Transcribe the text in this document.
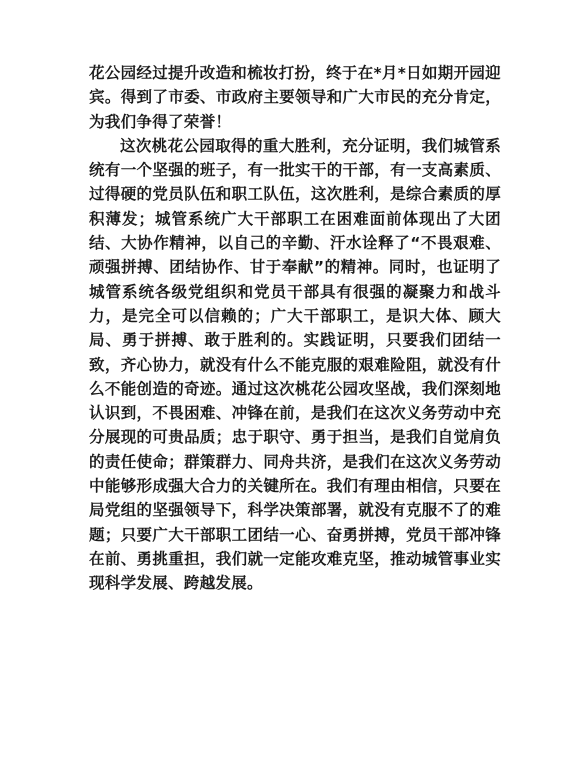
花公园经过提升改造和梳妆打扮，终于在*月*日如期开园迎宾。得到了市委、市政府主要领导和广大市民的充分肯定，为我们争得了荣誉！

这次桃花公园取得的重大胜利，充分证明，我们城管系统有一个坚强的班子，有一批实干的干部，有一支高素质、过得硬的党员队伍和职工队伍，这次胜利，是综合素质的厚积薄发；城管系统广大干部职工在困难面前体现出了大团结、大协作精神，以自己的辛勤、汗水诠释了“不畏艰难、顽强拼搏、团结协作、甘于奉献”的精神。同时，也证明了城管系统各级党组织和党员干部具有很强的凝聚力和战斗力，是完全可以信赖的；广大干部职工，是识大体、顾大局、勇于拼搏、敢于胜利的。实践证明，只要我们团结一致，齐心协力，就没有什么不能克服的艰难险阻，就没有什么不能创造的奇迹。通过这次桃花公园攻坚战，我们深刻地认识到，不畏困难、冲锋在前，是我们在这次义务劳动中充分展现的可贵品质；忠于职守、勇于担当，是我们自觉肩负的责任使命；群策群力、同舟共济，是我们在这次义务劳动中能够形成强大合力的关键所在。我们有理由相信，只要在局党组的坚强领导下，科学决策部署，就没有克服不了的难题；只要广大干部职工团结一心、奋勇拼搏，党员干部冲锋在前、勇挑重担，我们就一定能攻难克坚，推动城管事业实现科学发展、跨越发展。
